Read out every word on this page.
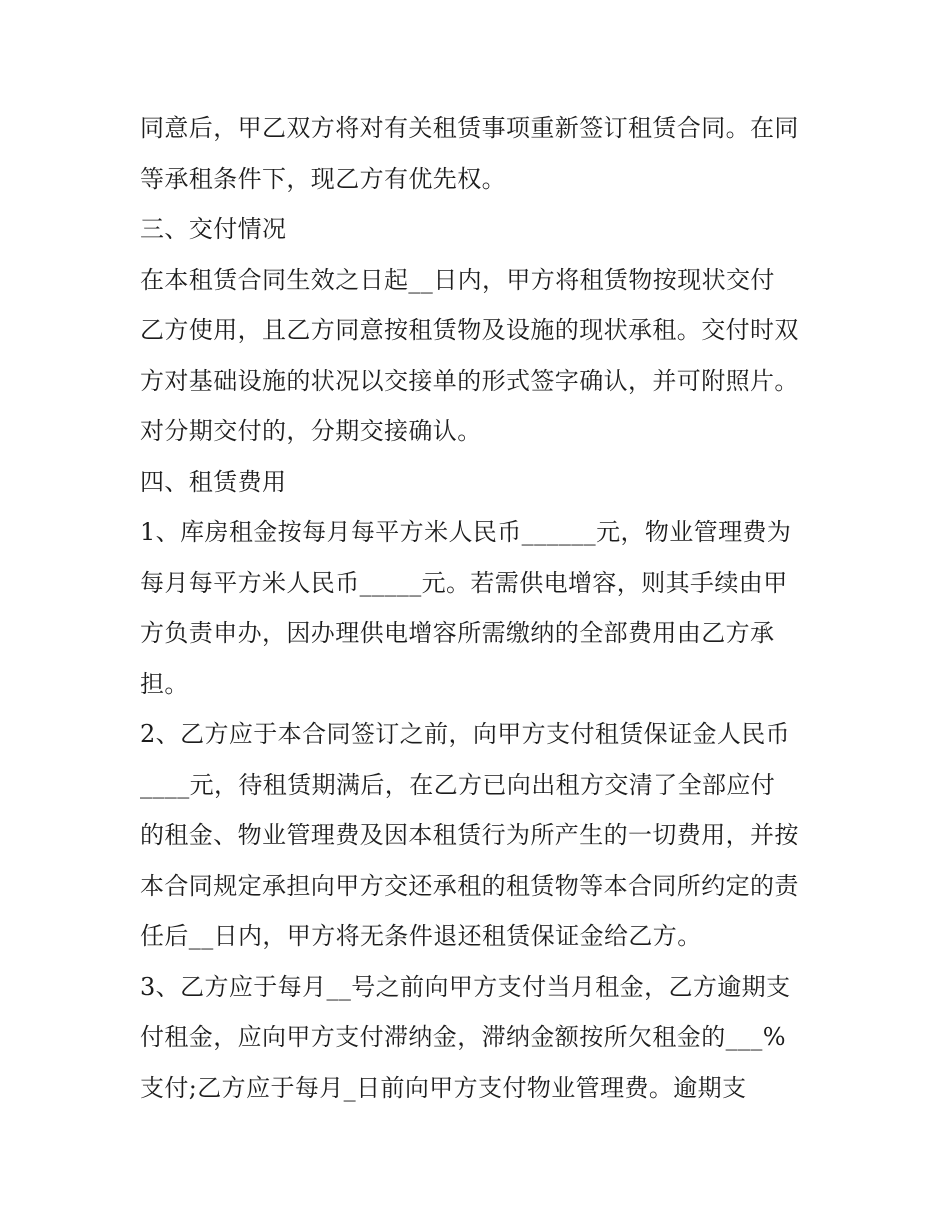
同意后，甲乙双方将对有关租赁事项重新签订租赁合同。在同
等承租条件下，现乙方有优先权。
三、交付情况
在本租赁合同生效之日起__日内，甲方将租赁物按现状交付
乙方使用，且乙方同意按租赁物及设施的现状承租。交付时双
方对基础设施的状况以交接单的形式签字确认，并可附照片。
对分期交付的，分期交接确认。
四、租赁费用
1、库房租金按每月每平方米人民币______元，物业管理费为
每月每平方米人民币_____元。若需供电增容，则其手续由甲
方负责申办，因办理供电增容所需缴纳的全部费用由乙方承
担。
2、乙方应于本合同签订之前，向甲方支付租赁保证金人民币
____元，待租赁期满后，在乙方已向出租方交清了全部应付
的租金、物业管理费及因本租赁行为所产生的一切费用，并按
本合同规定承担向甲方交还承租的租赁物等本合同所约定的责
任后__日内，甲方将无条件退还租赁保证金给乙方。
3、乙方应于每月__号之前向甲方支付当月租金，乙方逾期支
付租金，应向甲方支付滞纳金，滞纳金额按所欠租金的___%
支付;乙方应于每月_日前向甲方支付物业管理费。逾期支
